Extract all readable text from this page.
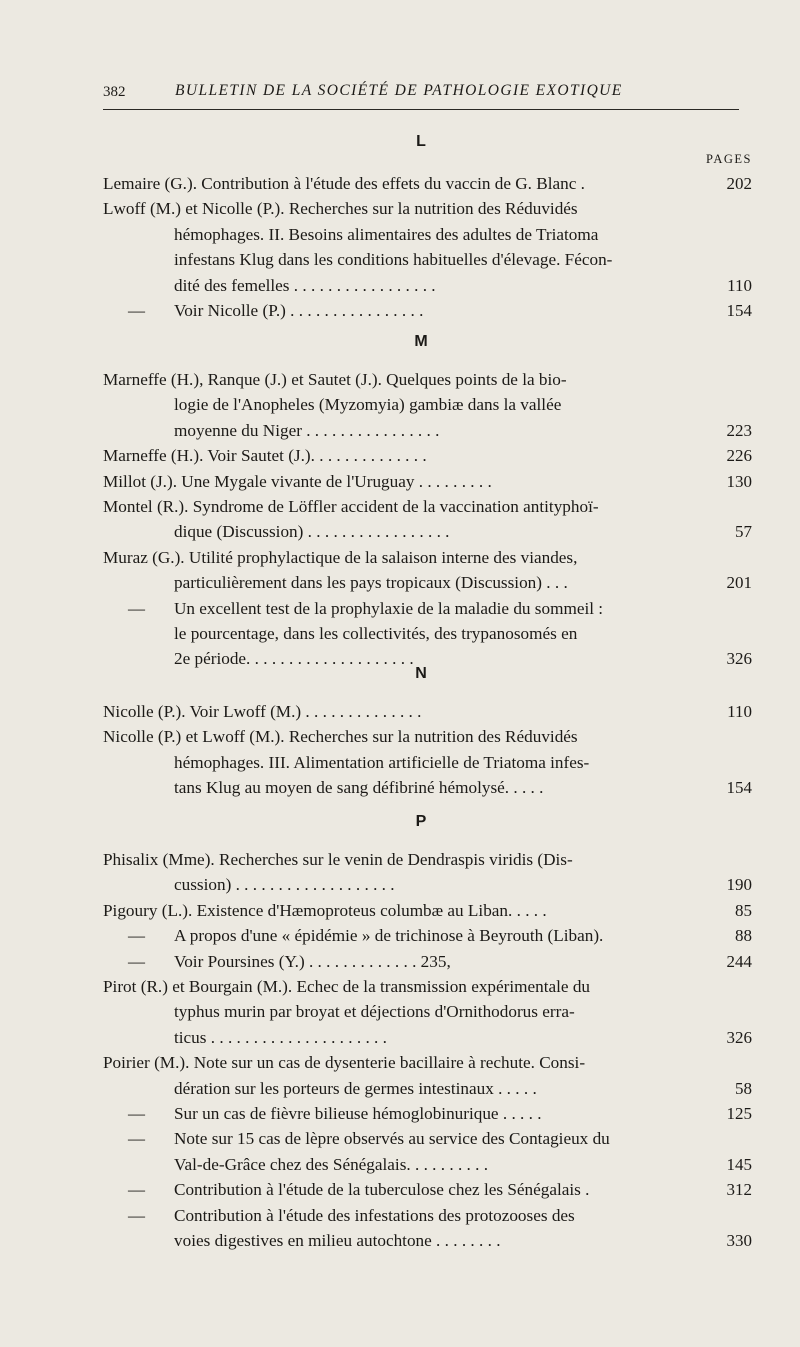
382	BULLETIN DE LA SOCIÉTÉ DE PATHOLOGIE EXOTIQUE
PAGES
L
Lemaire (G.). Contribution à l'étude des effets du vaccin de G. Blanc .	202
Lwoff (M.) et Nicolle (P.). Recherches sur la nutrition des Réduvidés
hémophages. II. Besoins alimentaires des adultes de Triatoma
infestans Klug dans les conditions habituelles d'élevage. Fécon-
dité des femelles . . . . . . . . . . . . . . . . .	110
— Voir Nicolle (P.) . . . . . . . . . . . . . . . .	154
M
Marneffe (H.), Ranque (J.) et Sautet (J.). Quelques points de la bio-
logie de l'Anopheles (Myzomyia) gambiæ dans la vallée
moyenne du Niger . . . . . . . . . . . . . . . .	223
Marneffe (H.). Voir Sautet (J.). . . . . . . . . . . . . .	226
Millot (J.). Une Mygale vivante de l'Uruguay . . . . . . . . .	130
Montel (R.). Syndrome de Löffler accident de la vaccination antityphoï-
dique (Discussion) . . . . . . . . . . . . . . . . .	57
Muraz (G.). Utilité prophylactique de la salaison interne des viandes,
particulièrement dans les pays tropicaux (Discussion) . . .	201
— Un excellent test de la prophylaxie de la maladie du sommeil :
le pourcentage, dans les collectivités, des trypanosomés en
2e période. . . . . . . . . . . . . . . . . . . .	326
N
Nicolle (P.). Voir Lwoff (M.) . . . . . . . . . . . . . .	110
Nicolle (P.) et Lwoff (M.). Recherches sur la nutrition des Réduvidés
hémophages. III. Alimentation artificielle de Triatoma infes-
tans Klug au moyen de sang défibriné hémolysé. . . . .	154
P
Phisalix (Mme). Recherches sur le venin de Dendraspis viridis (Dis-
cussion) . . . . . . . . . . . . . . . . . . .	190
Pigoury (L.). Existence d'Hæmoproteus columbæ au Liban. . . . .	85
— A propos d'une « épidémie » de trichinose à Beyrouth (Liban).	88
— Voir Poursines (Y.) . . . . . . . . . . . . . 235,	244
Pirot (R.) et Bourgain (M.). Echec de la transmission expérimentale du
typhus murin par broyat et déjections d'Ornithodorus erra-
ticus . . . . . . . . . . . . . . . . . . . . .	326
Poirier (M.). Note sur un cas de dysenterie bacillaire à rechute. Consi-
dération sur les porteurs de germes intestinaux . . . . .	58
— Sur un cas de fièvre bilieuse hémoglobinurique . . . . .	125
— Note sur 15 cas de lèpre observés au service des Contagieux du
Val-de-Grâce chez des Sénégalais. . . . . . . . . .	145
— Contribution à l'étude de la tuberculose chez les Sénégalais .	312
— Contribution à l'étude des infestations des protozooses des
voies digestives en milieu autochtone . . . . . . . .	330
